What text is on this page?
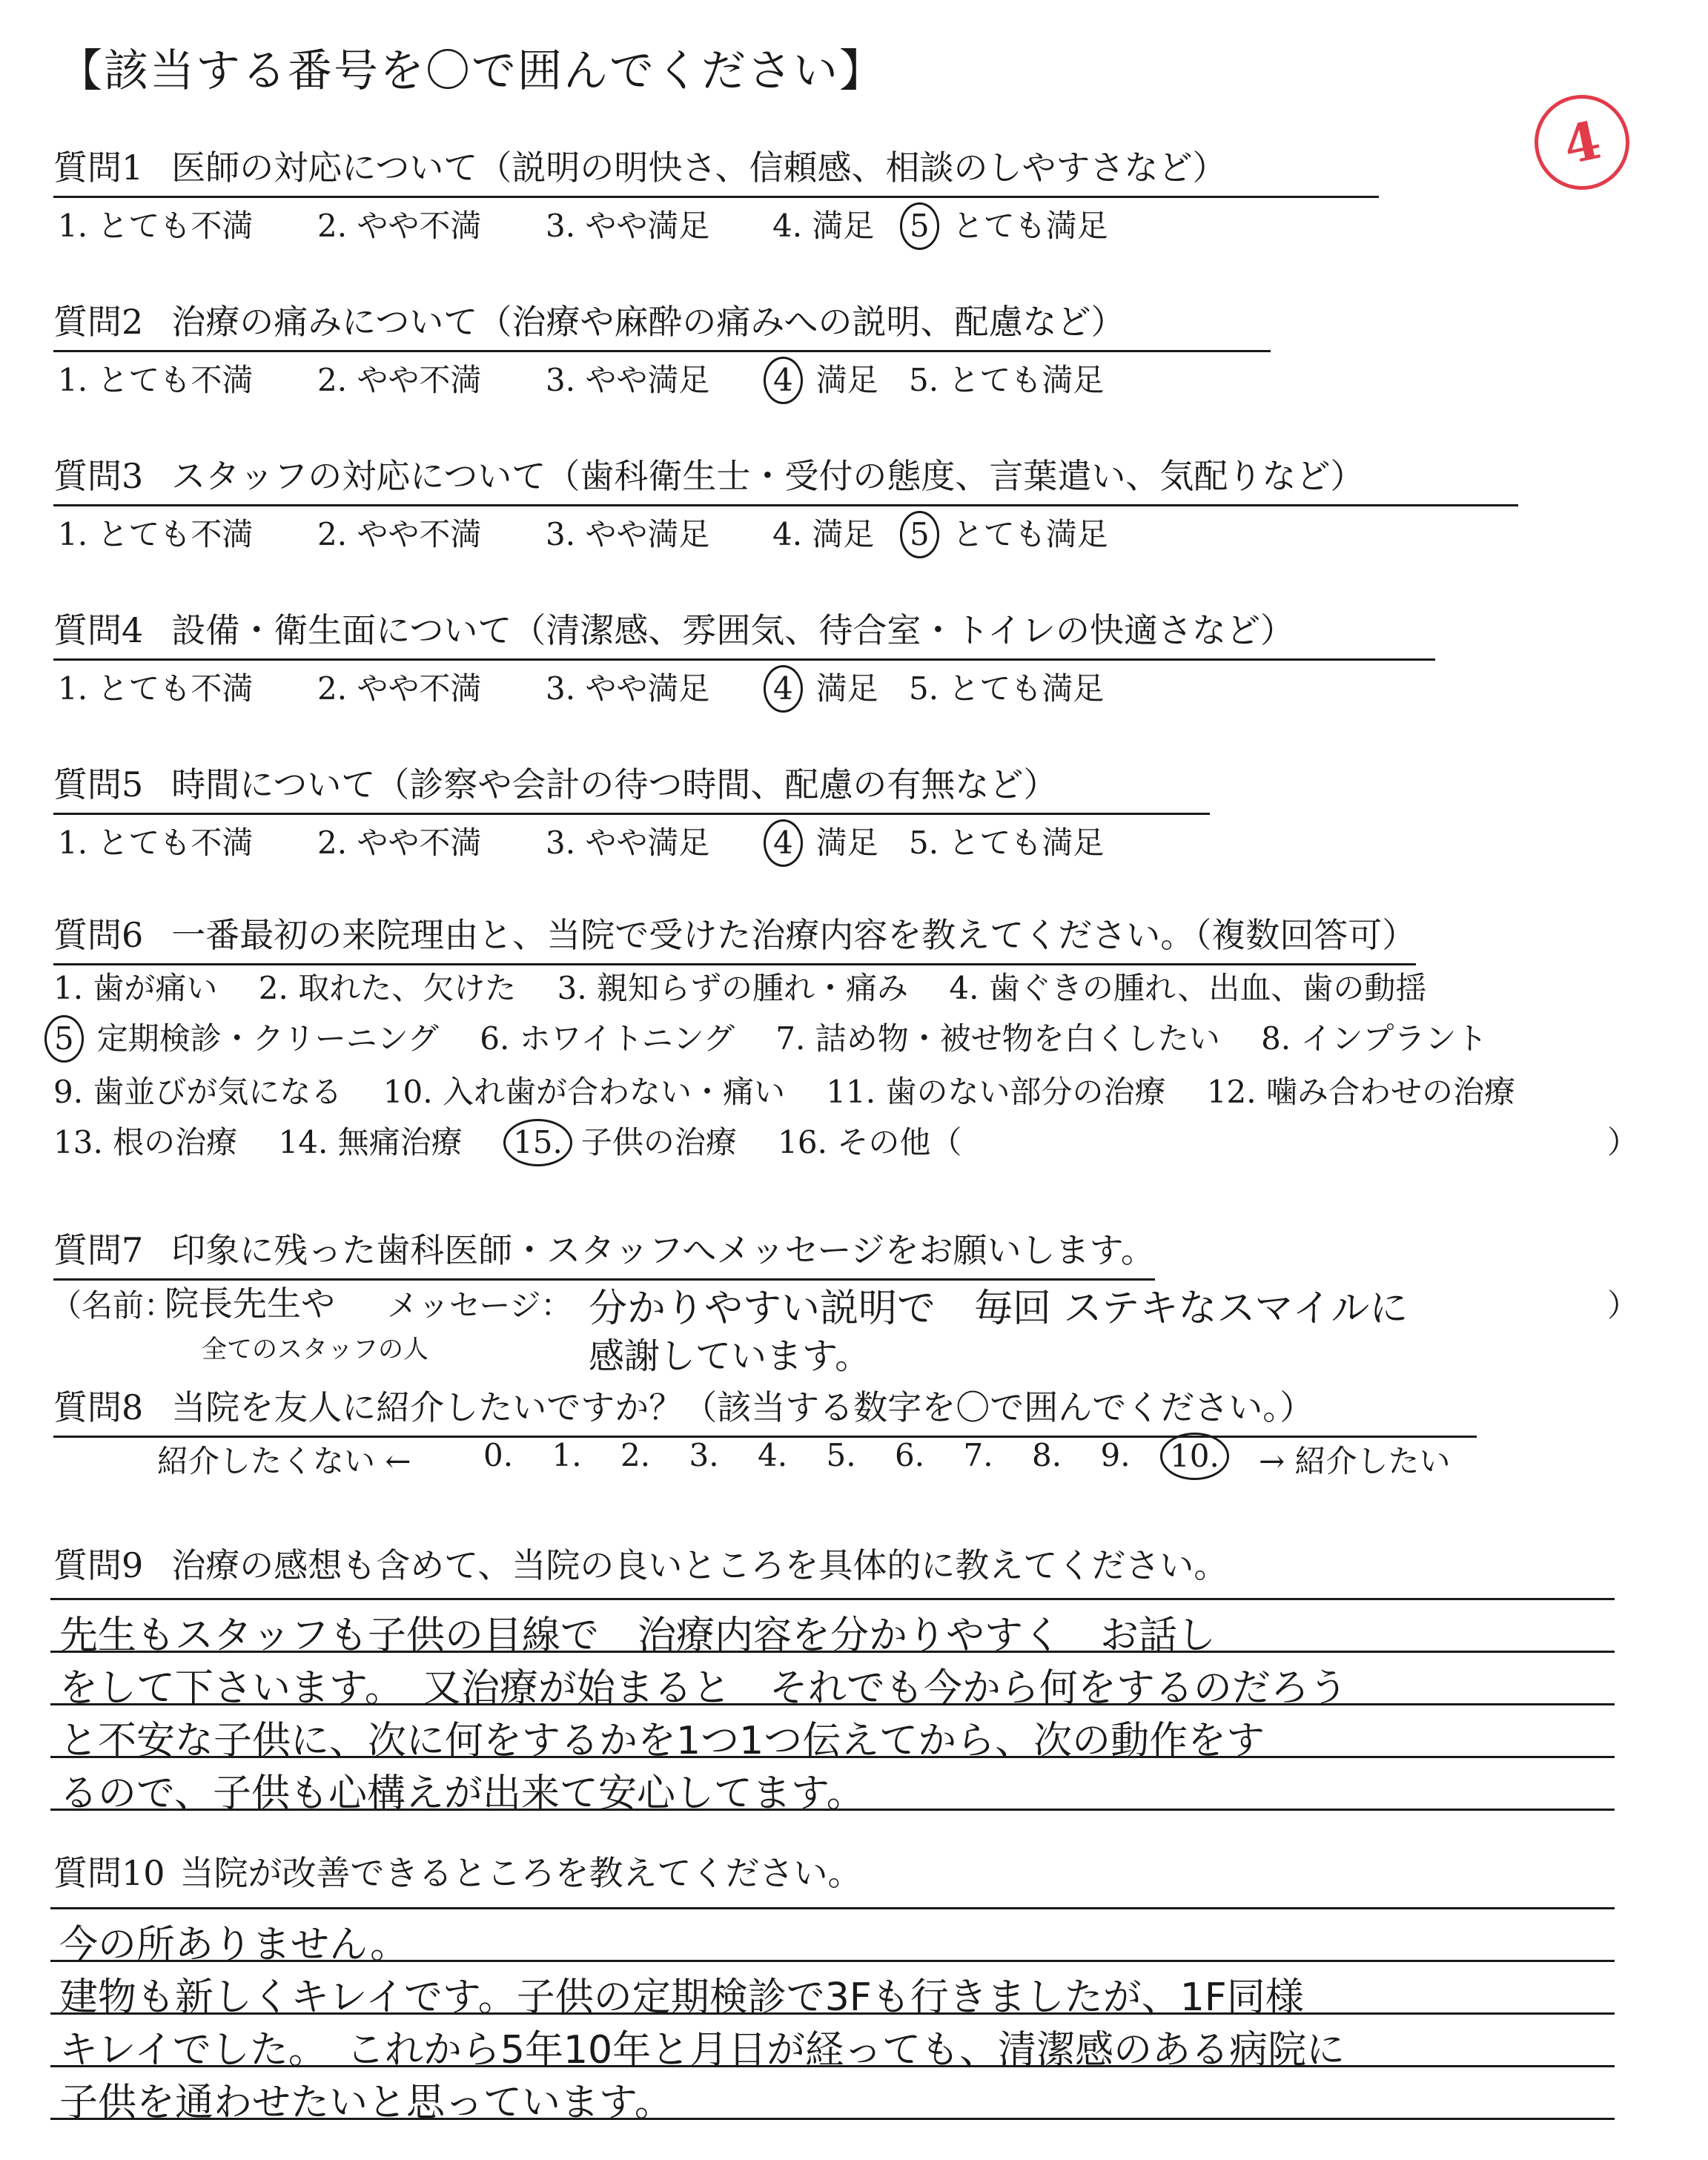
【該当する番号を〇で囲んでください】
4
質問1 医師の対応について（説明の明快さ、信頼感、相談のしやすさなど）
1. とても不満 2. やや不満 3. やや満足 4. 満足 5 とても満足
質問2 治療の痛みについて（治療や麻酔の痛みへの説明、配慮など）
1. とても不満 2. やや不満 3. やや満足 4 満足 5. とても満足
質問3 スタッフの対応について（歯科衛生士・受付の態度、言葉遣い、気配りなど）
1. とても不満 2. やや不満 3. やや満足 4. 満足 5 とても満足
質問4 設備・衛生面について（清潔感、雰囲気、待合室・トイレの快適さなど）
1. とても不満 2. やや不満 3. やや満足 4 満足 5. とても満足
質問5 時間について（診察や会計の待つ時間、配慮の有無など）
1. とても不満 2. やや不満 3. やや満足 4 満足 5. とても満足
質問6 一番最初の来院理由と、当院で受けた治療内容を教えてください。（複数回答可）
1. 歯が痛い 2. 取れた、欠けた 3. 親知らずの腫れ・痛み 4. 歯ぐきの腫れ、出血、歯の動揺
5 定期検診・クリーニング 6. ホワイトニング 7. 詰め物・被せ物を白くしたい 8. インプラント
9. 歯並びが気になる 10. 入れ歯が合わない・痛い 11. 歯のない部分の治療 12. 噛み合わせの治療
13. 根の治療 14. 無痛治療 15. 子供の治療 16. その他（	）
質問7 印象に残った歯科医師・スタッフへメッセージをお願いします。
（名前：
院長先生や
全てのスタッフの人
メッセージ： 分かりやすい説明で　毎回 ステキなスマイルに
感謝しています。
）
質問8 当院を友人に紹介したいですか？（該当する数字を〇で囲んでください。）
紹介したくない ← 0. 1. 2. 3. 4. 5. 6. 7. 8. 9.	10.	→ 紹介したい
質問9 治療の感想も含めて、当院の良いところを具体的に教えてください。
先生もスタッフも子供の目線で　治療内容を分かりやすく　お話し
をして下さいます。　又治療が始まると　それでも今から何をするのだろう
と不安な子供に、次に何をするかを1つ1つ伝えてから、次の動作をす
るので、子供も心構えが出来て安心してます。
質問10 当院が改善できるところを教えてください。
今の所ありません。
建物も新しくキレイです。子供の定期検診で3Fも行きましたが、1F同様
キレイでした。　これから5年10年と月日が経っても、清潔感のある病院に
子供を通わせたいと思っています。
